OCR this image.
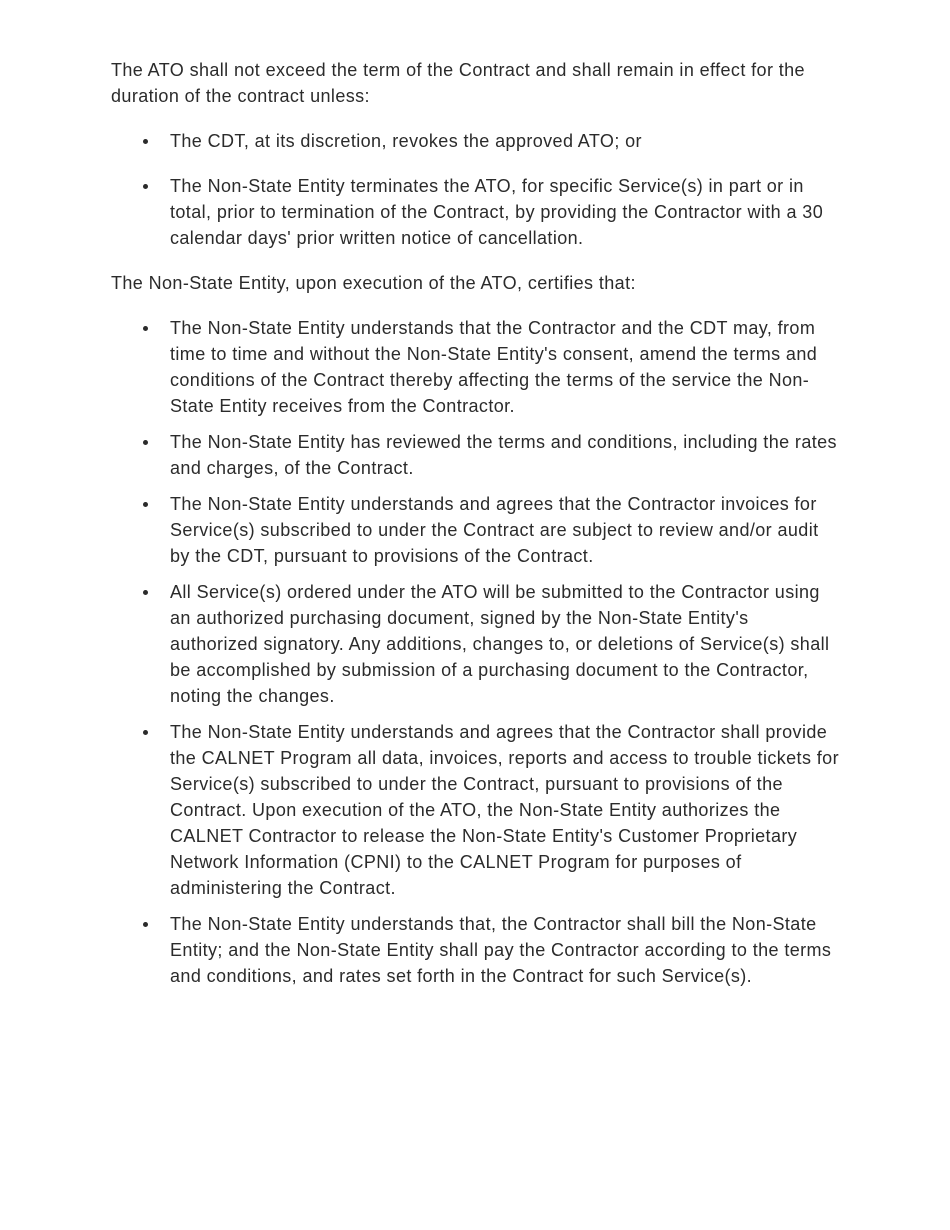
The ATO shall not exceed the term of the Contract and shall remain in effect for the duration of the contract unless:

The CDT, at its discretion, revokes the approved ATO; or
The Non-State Entity terminates the ATO, for specific Service(s) in part or in total, prior to termination of the Contract, by providing the Contractor with a 30 calendar days' prior written notice of cancellation.

The Non-State Entity, upon execution of the ATO, certifies that:

The Non-State Entity understands that the Contractor and the CDT may, from time to time and without the Non-State Entity's consent, amend the terms and conditions of the Contract thereby affecting the terms of the service the Non-State Entity receives from the Contractor.
The Non-State Entity has reviewed the terms and conditions, including the rates and charges, of the Contract.
The Non-State Entity understands and agrees that the Contractor invoices for Service(s) subscribed to under the Contract are subject to review and/or audit by the CDT, pursuant to provisions of the Contract.
All Service(s) ordered under the ATO will be submitted to the Contractor using an authorized purchasing document, signed by the Non-State Entity's authorized signatory. Any additions, changes to, or deletions of Service(s) shall be accomplished by submission of a purchasing document to the Contractor, noting the changes.
The Non-State Entity understands and agrees that the Contractor shall provide the CALNET Program all data, invoices, reports and access to trouble tickets for Service(s) subscribed to under the Contract, pursuant to provisions of the Contract. Upon execution of the ATO, the Non-State Entity authorizes the CALNET Contractor to release the Non-State Entity's Customer Proprietary Network Information (CPNI) to the CALNET Program for purposes of administering the Contract.
The Non-State Entity understands that, the Contractor shall bill the Non-State Entity; and the Non-State Entity shall pay the Contractor according to the terms and conditions, and rates set forth in the Contract for such Service(s).
